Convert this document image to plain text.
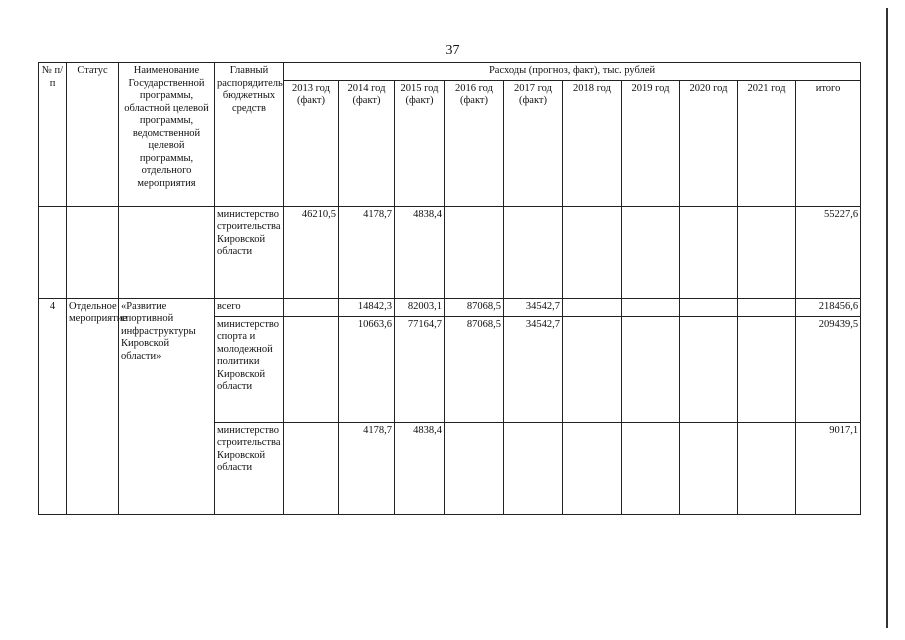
37
№ п/п	Статус	Наименование Государственной программы, областной целевой программы, ведомственной целевой программы, отдельного мероприятия	Главный распорядитель бюджетных средств	Расходы (прогноз, факт), тыс. рублей									
				2013 год (факт)	2014 год (факт)	2015 год (факт)	2016 год (факт)	2017 год (факт)	2018 год	2019 год	2020 год	2021 год	итого
			министерство строительства Кировской области	46210,5	4178,7	4838,4							55227,6
4	Отдельное мероприятие	«Развитие спортивной инфраструктуры Кировской области»	всего		14842,3	82003,1	87068,5	34542,7					218456,6
			министерство спорта и молодежной политики Кировской области		10663,6	77164,7	87068,5	34542,7					209439,5
			министерство строительства Кировской области		4178,7	4838,4							9017,1
